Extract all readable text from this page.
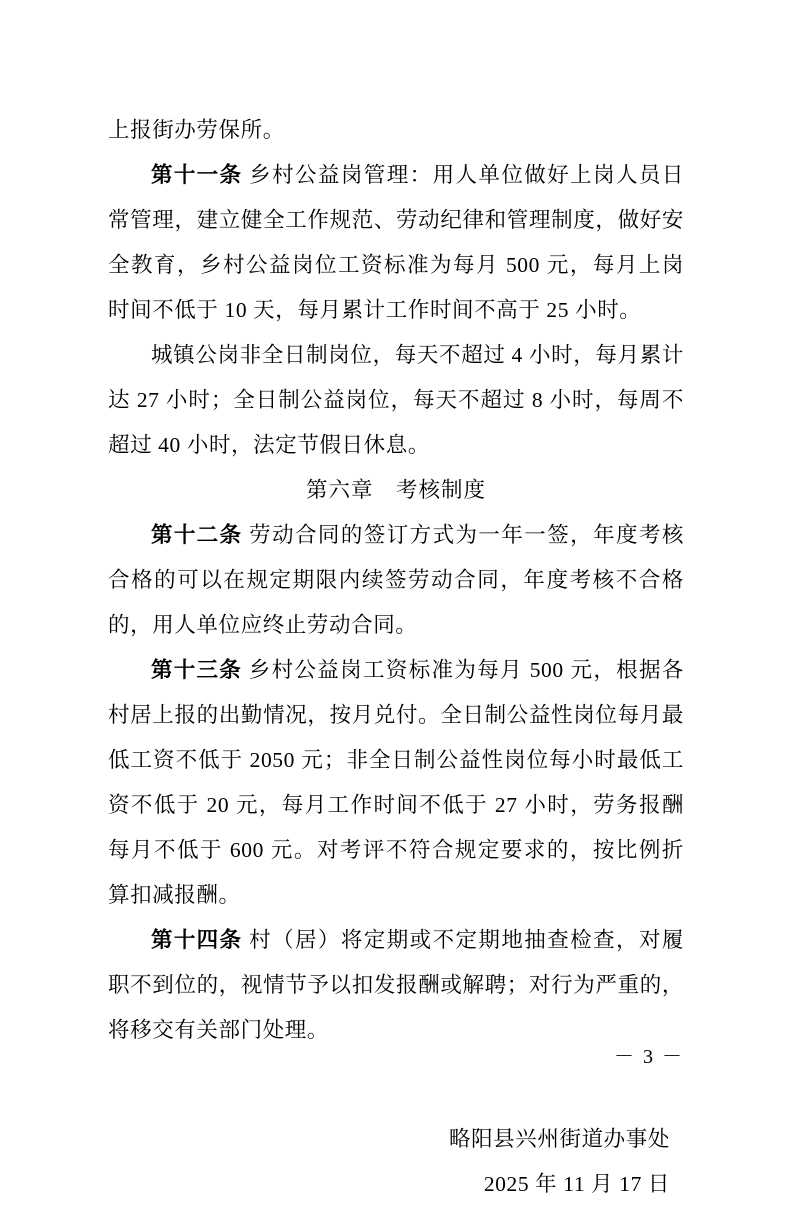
上报街办劳保所。

第十一条 乡村公益岗管理：用人单位做好上岗人员日常管理，建立健全工作规范、劳动纪律和管理制度，做好安全教育，乡村公益岗位工资标准为每月 500 元，每月上岗时间不低于 10 天，每月累计工作时间不高于 25 小时。

城镇公岗非全日制岗位，每天不超过 4 小时，每月累计达 27 小时；全日制公益岗位，每天不超过 8 小时，每周不超过 40 小时，法定节假日休息。

第六章　考核制度

第十二条 劳动合同的签订方式为一年一签，年度考核合格的可以在规定期限内续签劳动合同，年度考核不合格的，用人单位应终止劳动合同。

第十三条 乡村公益岗工资标准为每月 500 元，根据各村居上报的出勤情况，按月兑付。全日制公益性岗位每月最低工资不低于 2050 元；非全日制公益性岗位每小时最低工资不低于 20 元，每月工作时间不低于 27 小时，劳务报酬每月不低于 600 元。对考评不符合规定要求的，按比例折算扣减报酬。

第十四条 村（居）将定期或不定期地抽查检查，对履职不到位的，视情节予以扣发报酬或解聘；对行为严重的，将移交有关部门处理。

略阳县兴州街道办事处

2025 年 11 月 17 日

－ 3 －
